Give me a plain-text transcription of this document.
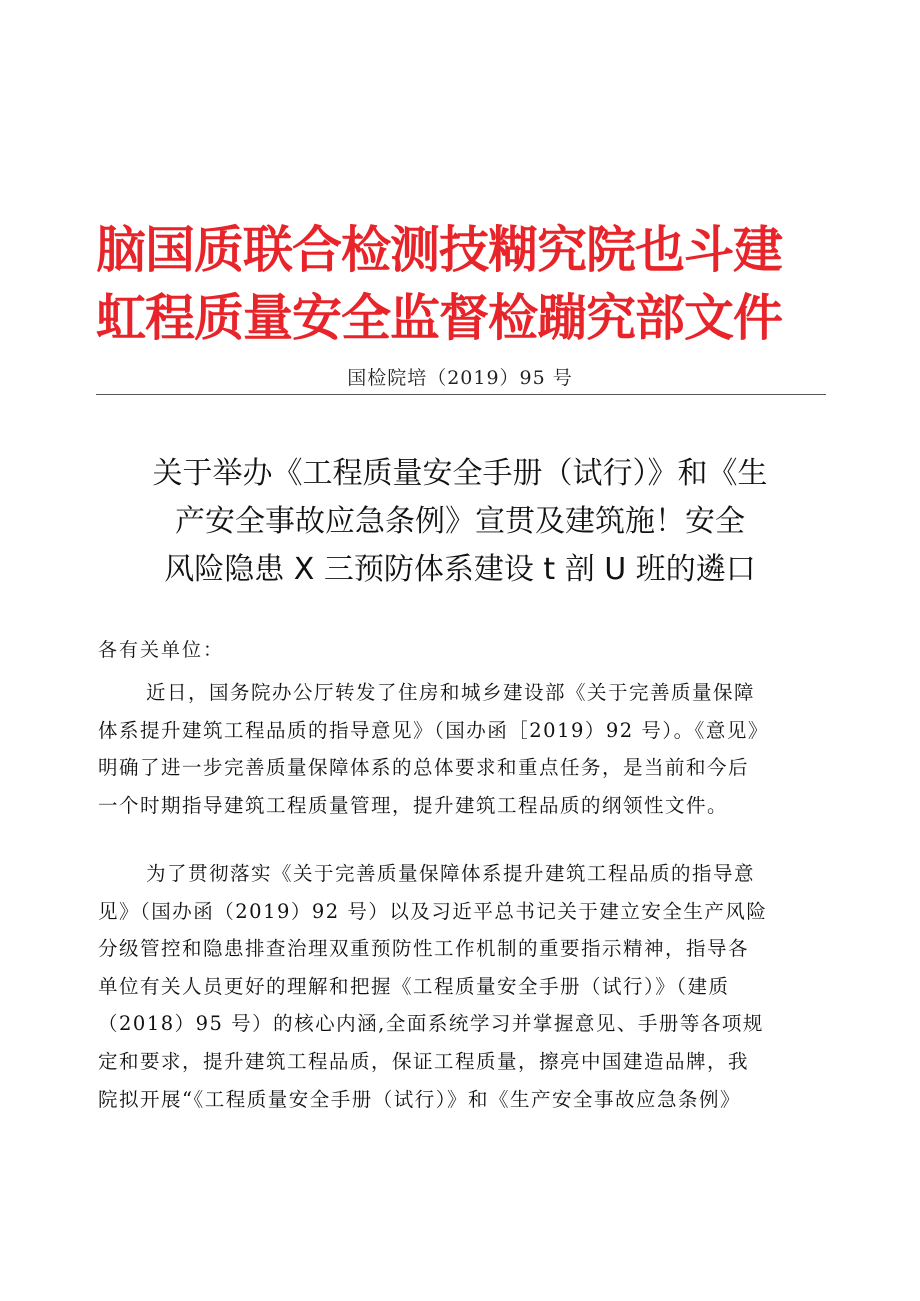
脑国质联合检测技糊究院也斗建
虹程质量安全监督检蹦究部文件
国检院培（2019）95 号
关于举办《工程质量安全手册（试行）》和《生
产安全事故应急条例》宣贯及建筑施！安全
风险隐患 X 三预防体系建设 t 剖 U 班的遴口
各有关单位：
近日，国务院办公厅转发了住房和城乡建设部《关于完善质量保障
体系提升建筑工程品质的指导意见》（国办函［2019）92 号）。《意见》
明确了进一步完善质量保障体系的总体要求和重点任务，是当前和今后
一个时期指导建筑工程质量管理，提升建筑工程品质的纲领性文件。
为了贯彻落实《关于完善质量保障体系提升建筑工程品质的指导意
见》（国办函（2019）92 号）以及习近平总书记关于建立安全生产风险
分级管控和隐患排查治理双重预防性工作机制的重要指示精神，指导各
单位有关人员更好的理解和把握《工程质量安全手册（试行）》（建质
（2018）95 号）的核心内涵,全面系统学习并掌握意见、手册等各项规
定和要求，提升建筑工程品质，保证工程质量，擦亮中国建造品牌，我
院拟开展“《工程质量安全手册（试行）》和《生产安全事故应急条例》
